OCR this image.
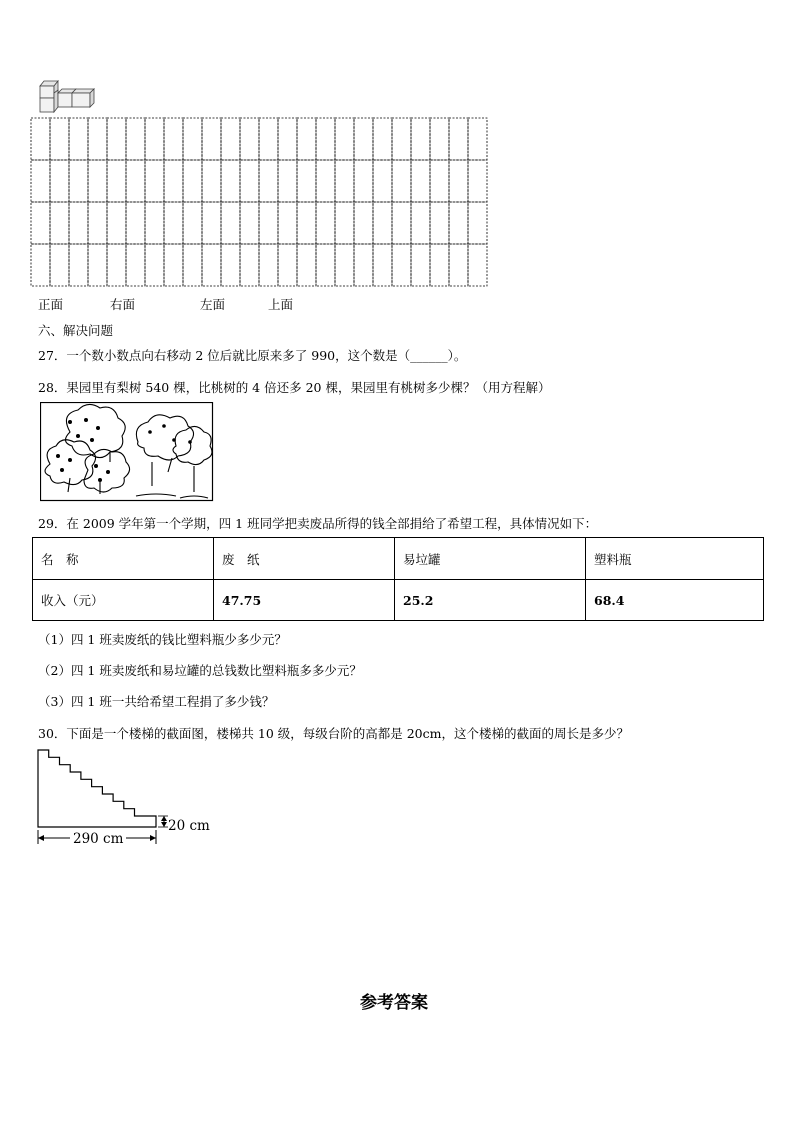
正面	右面	左面	上面
六、解决问题
27．一个数小数点向右移动 2 位后就比原来多了 990，这个数是（______）。
28．果园里有梨树 540 棵，比桃树的 4 倍还多 20 棵，果园里有桃树多少棵？（用方程解）
29．在 2009 学年第一个学期，四 1 班同学把卖废品所得的钱全部捐给了希望工程，具体情况如下：
名　称	废　纸	易垃罐	塑料瓶
收入（元）	47.75	25.2	68.4
（1）四 1 班卖废纸的钱比塑料瓶少多少元？
（2）四 1 班卖废纸和易垃罐的总钱数比塑料瓶多多少元？
（3）四 1 班一共给希望工程捐了多少钱？
30．下面是一个楼梯的截面图，楼梯共 10 级，每级台阶的高都是 20cm，这个楼梯的截面的周长是多少？
290 cm
20 cm
参考答案
